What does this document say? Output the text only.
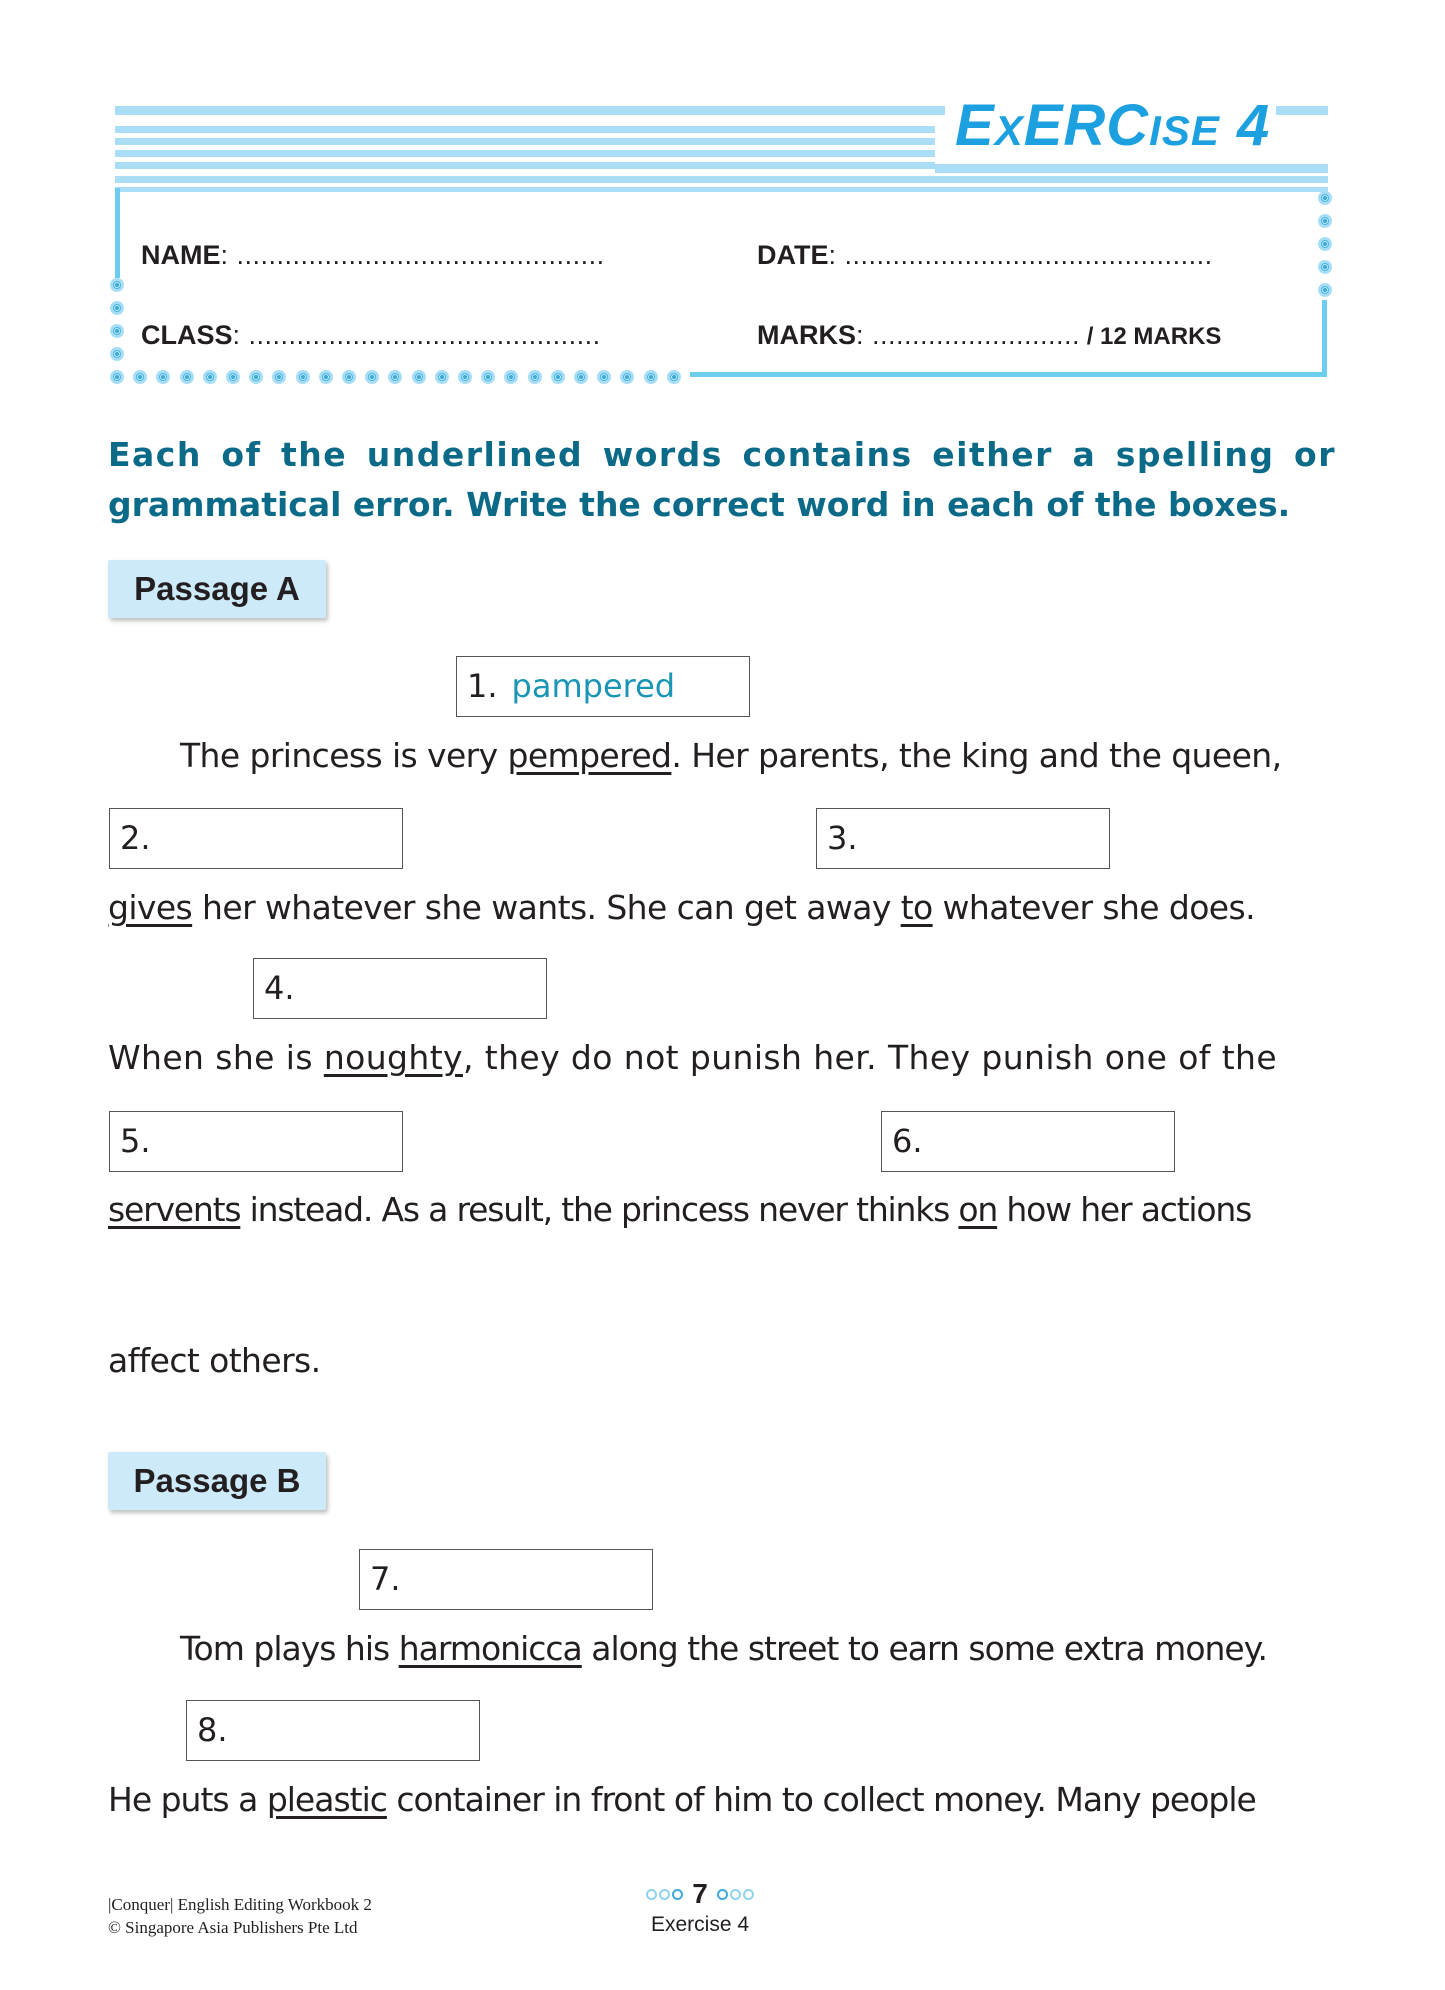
EXERCISE 4
NAME: ..............................................	DATE: ..............................................
CLASS: ............................................	MARKS: .......................... / 12 MARKS
Each of the underlined words contains either a spelling or
grammatical error. Write the correct word in each of the boxes.
Passage A
1. pampered
The princess is very pempered. Her parents, the king and the queen,
2.	3.
gives her whatever she wants. She can get away to whatever she does.
4.
When she is noughty, they do not punish her. They punish one of the
5.	6.
servents instead. As a result, the princess never thinks on how her actions
affect others.
Passage B
7.
Tom plays his harmonicca along the street to earn some extra money.
8.
He puts a pleastic container in front of him to collect money. Many people
|Conquer| English Editing Workbook 2
© Singapore Asia Publishers Pte Ltd
7
Exercise 4
